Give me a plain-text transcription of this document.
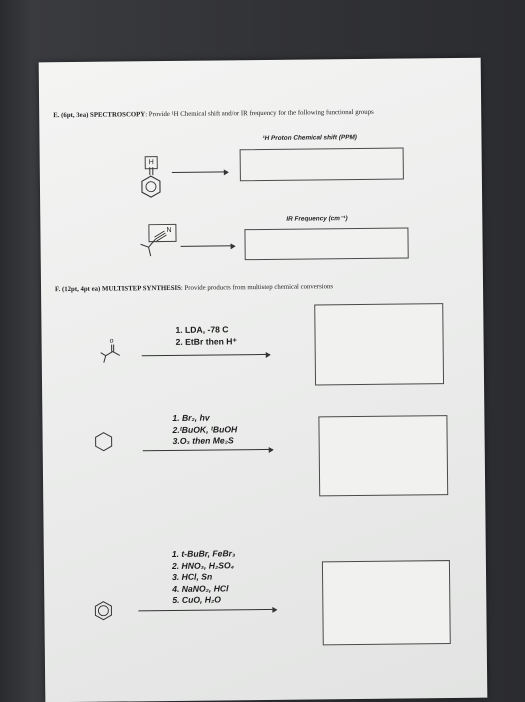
E. (6pt, 3ea) SPECTROSCOPY: Provide ¹H Chemical shift and/or IR frequency for the following functional groups
¹H Proton Chemical shift (PPM)
H
IR Frequency (cm⁻¹)
N
F. (12pt, 4pt ea) MULTISTEP SYNTHESIS: Provide products from multistep chemical conversions
o
1. LDA, -78 C
2. EtBr then H⁺
1. Br₂, hv
2.ᵗBuOK, ᵗBuOH
3.O₃ then Me₂S
1. t-BuBr, FeBr₃
2. HNO₃, H₂SO₄
3. HCl, Sn
4. NaNO₂, HCl
5. CuO, H₂O
